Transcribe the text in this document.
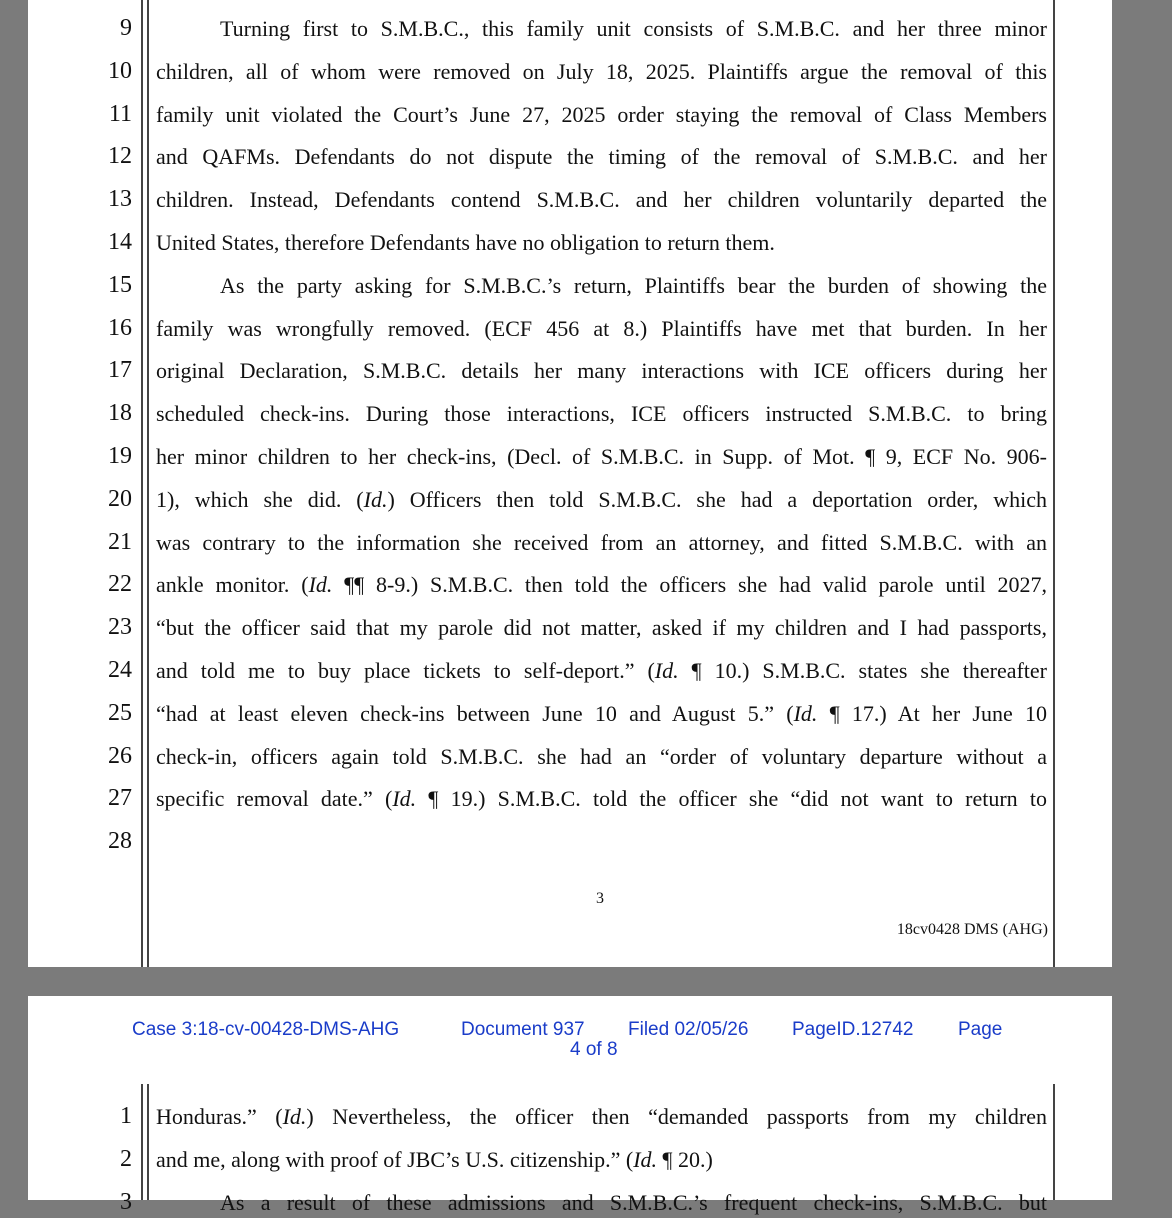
9
10
11
12
13
14
15
16
17
18
19
20
21
22
23
24
25
26
27
28
Turning first to S.M.B.C., this family unit consists of S.M.B.C. and her three minor
children, all of whom were removed on July 18, 2025. Plaintiffs argue the removal of this
family unit violated the Court’s June 27, 2025 order staying the removal of Class Members
and QAFMs. Defendants do not dispute the timing of the removal of S.M.B.C. and her
children. Instead, Defendants contend S.M.B.C. and her children voluntarily departed the
United States, therefore Defendants have no obligation to return them.
As the party asking for S.M.B.C.’s return, Plaintiffs bear the burden of showing the
family was wrongfully removed. (ECF 456 at 8.) Plaintiffs have met that burden. In her
original Declaration, S.M.B.C. details her many interactions with ICE officers during her
scheduled check-ins. During those interactions, ICE officers instructed S.M.B.C. to bring
her minor children to her check-ins, (Decl. of S.M.B.C. in Supp. of Mot. ¶ 9, ECF No. 906-
1), which she did. (Id.) Officers then told S.M.B.C. she had a deportation order, which
was contrary to the information she received from an attorney, and fitted S.M.B.C. with an
ankle monitor. (Id. ¶¶ 8-9.) S.M.B.C. then told the officers she had valid parole until 2027,
“but the officer said that my parole did not matter, asked if my children and I had passports,
and told me to buy place tickets to self-deport.” (Id. ¶ 10.) S.M.B.C. states she thereafter
“had at least eleven check-ins between June 10 and August 5.” (Id. ¶ 17.) At her June 10
check-in, officers again told S.M.B.C. she had an “order of voluntary departure without a
specific removal date.” (Id. ¶ 19.) S.M.B.C. told the officer she “did not want to return to
3
18cv0428 DMS (AHG)
Case 3:18-cv-00428-DMS-AHG	Document 937 Filed 02/05/26 PageID.12742 Page
4 of 8
1
2
3
Honduras.” (Id.) Nevertheless, the officer then “demanded passports from my children
and me, along with proof of JBC’s U.S. citizenship.” (Id. ¶ 20.)
As a result of these admissions and S.M.B.C.’s frequent check-ins, S.M.B.C. but
